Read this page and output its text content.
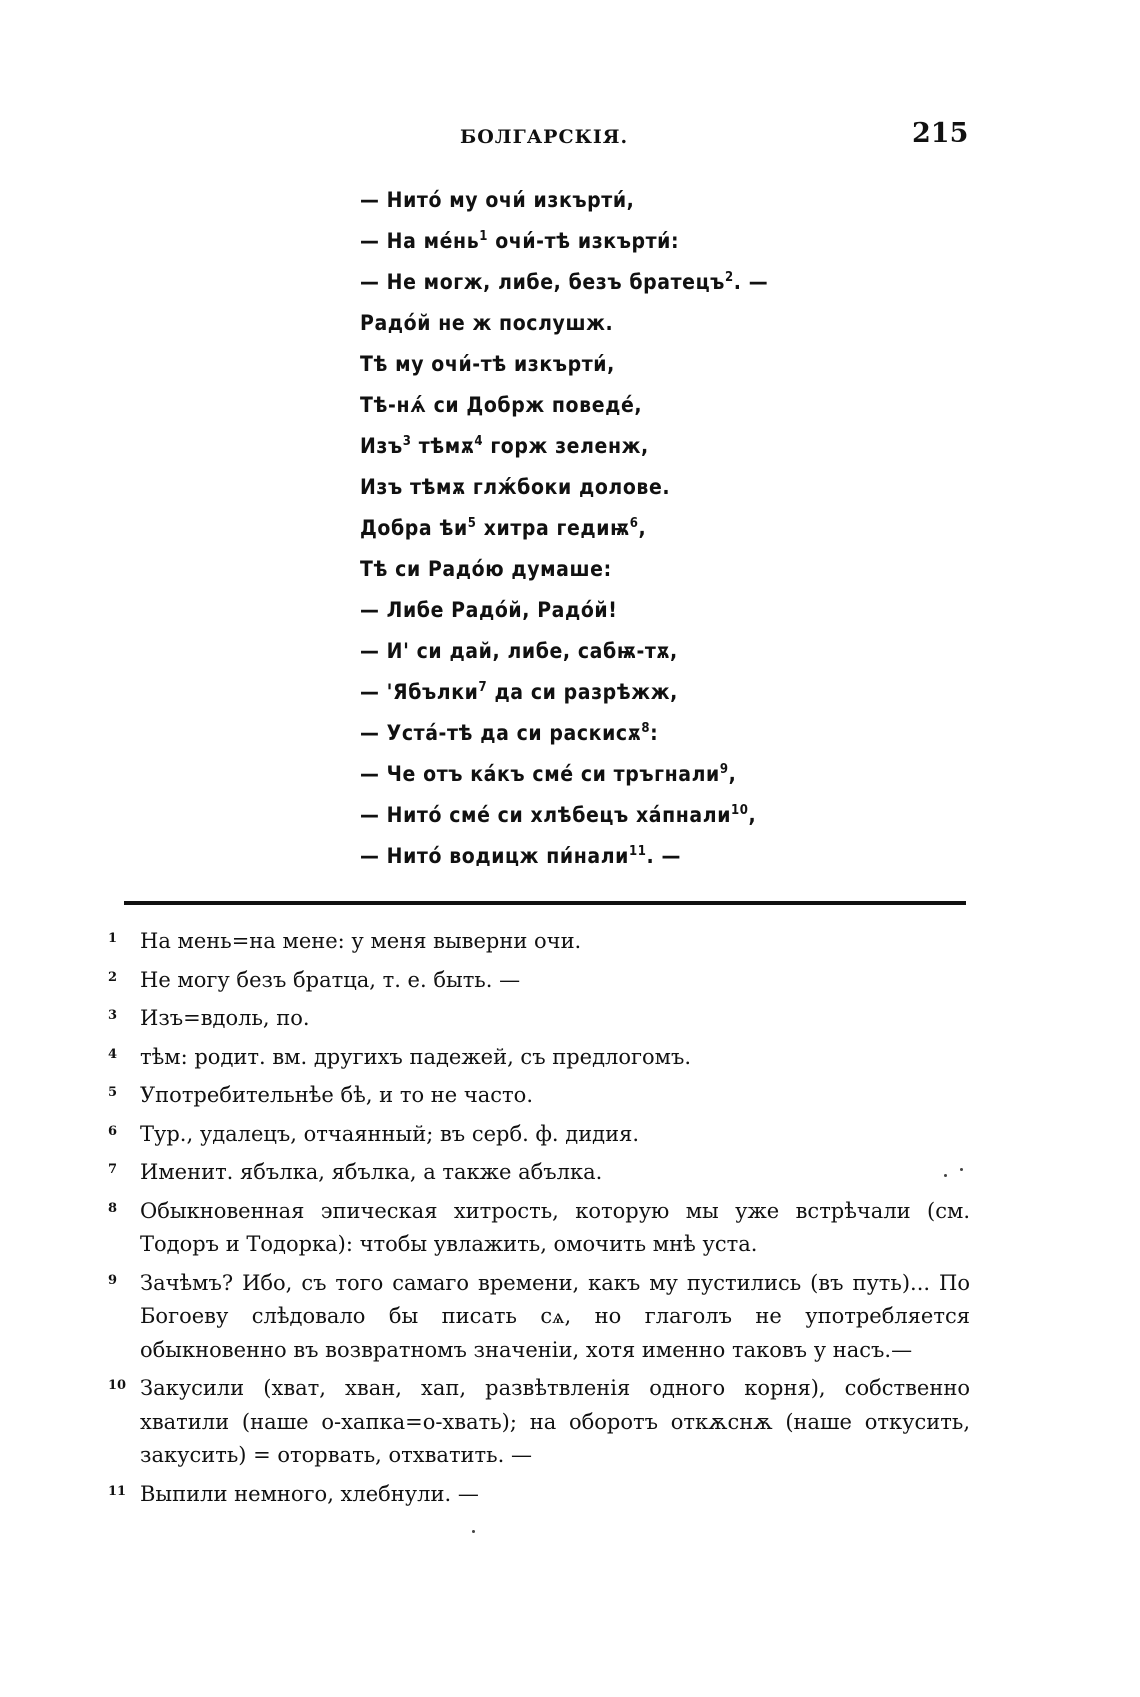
БОЛГАРСКІЯ.	215
— Нитó му очи́ изкърти́,
— На $ме́нь^1$ очи́-тѣ изкърти́:
— Не могж, либе, безъ братецъ$^2$. —
Радóй не ж послушж.
Тѣ му очи́-тѣ изкърти́,
Тѣ-нѧ́ си Добрж поведé,
Изъ$^3$ тѣмѫ$^4$ горж зеленж,
Изъ тѣмѫ глж́боки долове.
Добра $ѣи^5$ хитра гедиѭ$^6$,
Тѣ си Радóю думаше:
— Либе Радóй, Радóй!
— И' си дай, либе, сабѭ-тѫ,
— 'Ябълки$^7$ да си разрѣжж,
— Устá-тѣ да си раскисѫ$^8$:
— Че отъ кáкъ смé си тръгнали$^9$,
— Нитó смé си хлѣбецъ хáпнали$^{10}$,
— Нитó водицж пи́нали$^{11}$. —
1	На мень=на мене: у меня выверни очи.
2	Не могу безъ братца, т. е. быть. —
3	Изъ=вдоль, по.
4	тѣм: родит. вм. другихъ падежей, съ предлогомъ.
5	Употребительнѣе бѣ, и то не часто.
6	Тур., удалецъ, отчаянный; въ серб. ф. дидия.
7	Именит. ябълка, ябълка, а также абълка.
8	Обыкновенная эпическая хитрость, которую мы уже встрѣчали (см. Тодоръ и Тодорка): чтобы увлажить, омочить мнѣ уста.
9	Зачѣмъ? Ибо, съ того самаго времени, какъ му пустились (въ путь)... По Богоеву слѣдовало бы писать сѧ, но глаголъ не употребляется обыкновенно въ возвратномъ значеніи, хотя именно таковъ у насъ.—
10 Закусили (хват, хван, хап, развѣтвленія одного корня), собственно хватили (наше о-хапка=о-хвать); на оборотъ откѫснѫ (наше откусить, закусить) = оторвать, отхватить. —
11 Выпили немного, хлебнули. —
